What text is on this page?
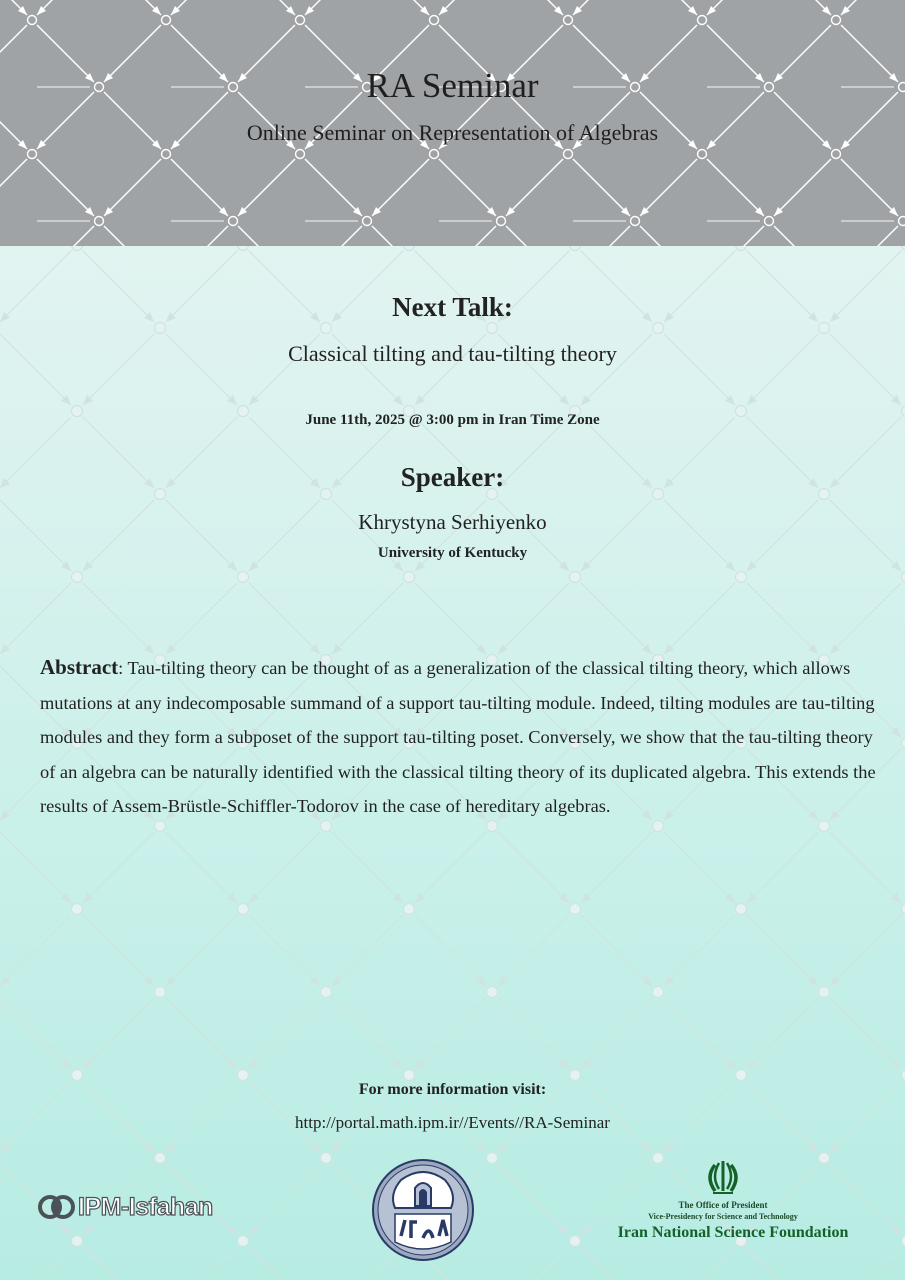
RA Seminar
Online Seminar on Representation of Algebras
Next Talk:
Classical tilting and tau-tilting theory
June 11th, 2025 @ 3:00 pm in Iran Time Zone
Speaker:
Khrystyna Serhiyenko
University of Kentucky
Abstract: Tau-tilting theory can be thought of as a generalization of the classical tilting theory, which allows mutations at any indecomposable summand of a support tau-tilting module. Indeed, tilting modules are tau-tilting modules and they form a subposet of the support tau-tilting poset. Conversely, we show that the tau-tilting theory of an algebra can be naturally identified with the classical tilting theory of its duplicated algebra. This extends the results of Assem-Brüstle-Schiffler-Todorov in the case of hereditary algebras.
For more information visit:
http://portal.math.ipm.ir//Events//RA-Seminar
IPM-Isfahan	The Office of President
Vice-Presidency for Science and Technology
Iran National Science Foundation
